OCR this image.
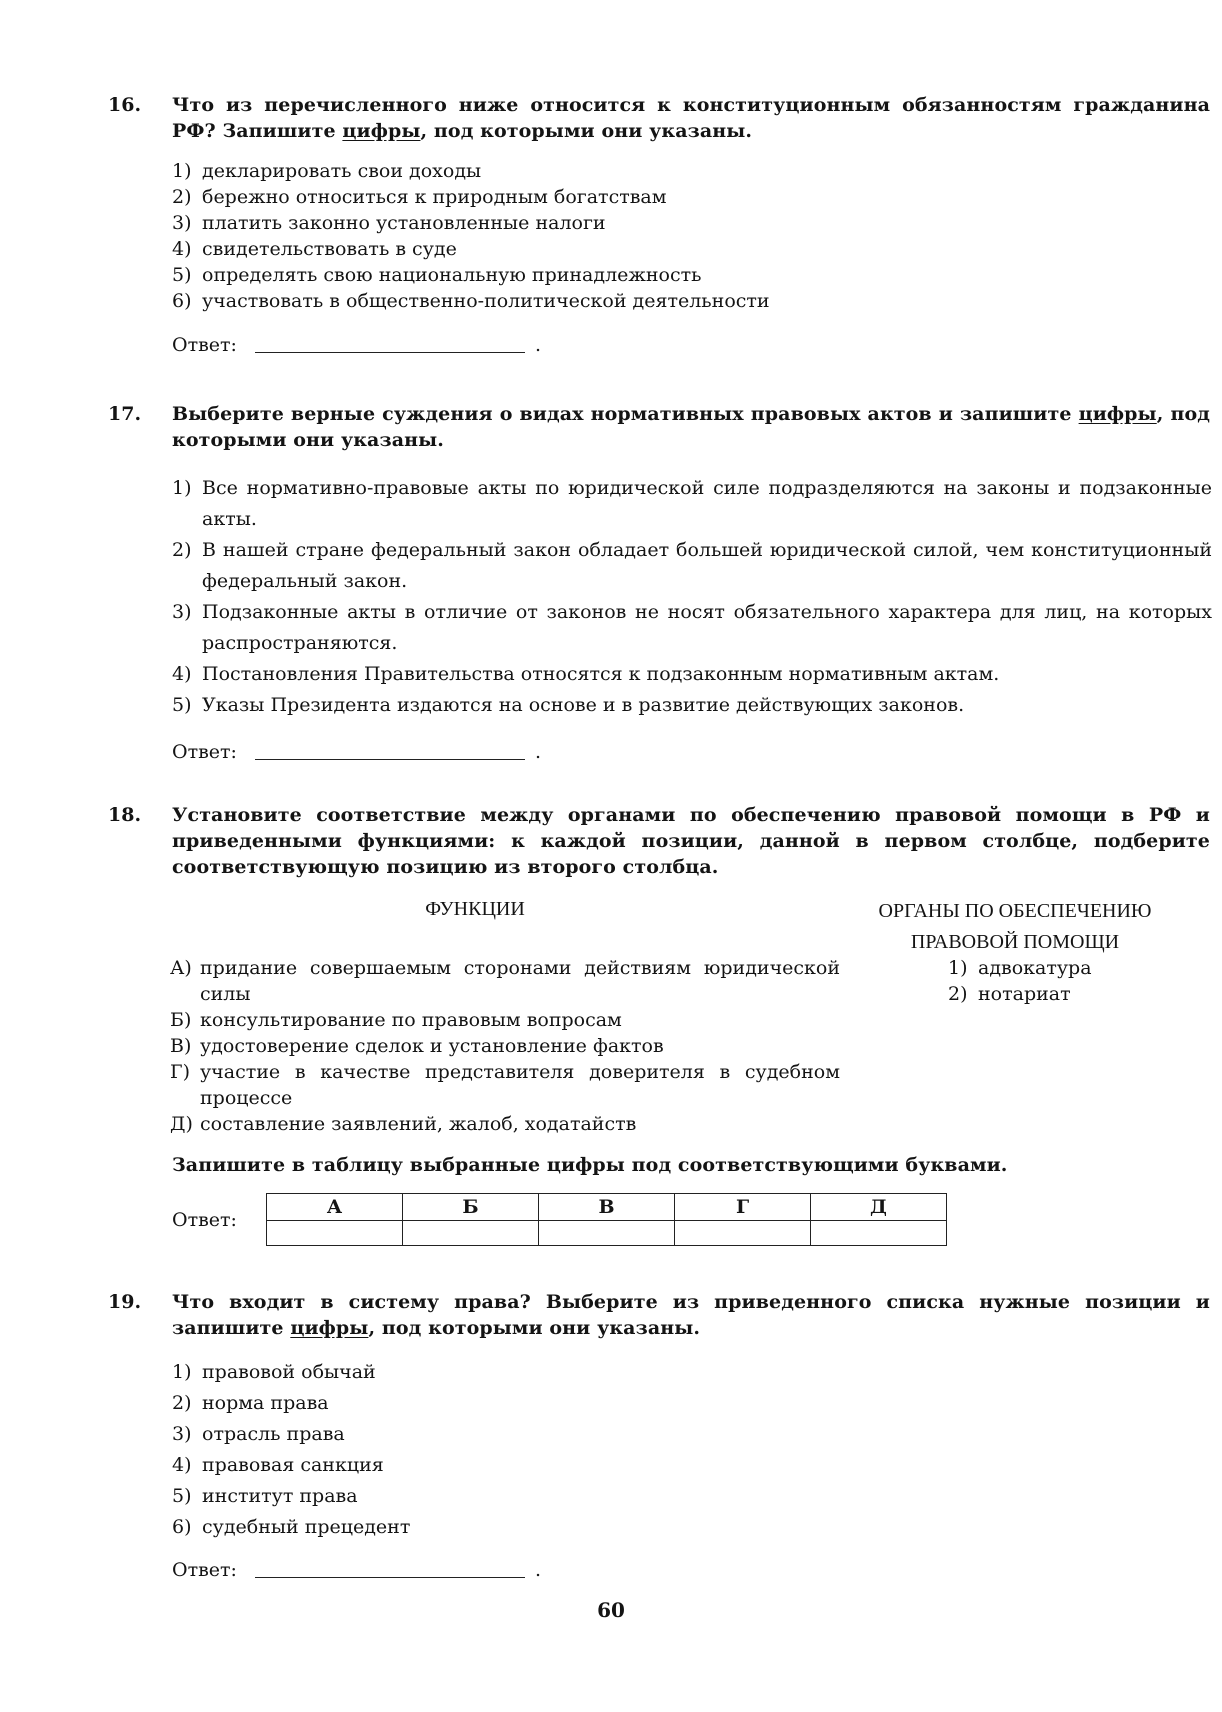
16. Что из перечисленного ниже относится к конституционным обязанностям гражданина РФ? Запишите цифры, под которыми они указаны.
1) декларировать свои доходы
2) бережно относиться к природным богатствам
3) платить законно установленные налоги
4) свидетельствовать в суде
5) определять свою национальную принадлежность
6) участвовать в общественно-политической деятельности
Ответ:	.
17. Выберите верные суждения о видах нормативных правовых актов и запишите цифры, под которыми они указаны.
1) Все нормативно-правовые акты по юридической силе подразделяются на законы и подзаконные акты.
2) В нашей стране федеральный закон обладает большей юридической силой, чем конституционный федеральный закон.
3) Подзаконные акты в отличие от законов не носят обязательного характера для лиц, на которых распространяются.
4) Постановления Правительства относятся к подзаконным нормативным актам.
5) Указы Президента издаются на основе и в развитие действующих законов.
Ответ:	.
18. Установите соответствие между органами по обеспечению правовой помощи в РФ и приведенными функциями: к каждой позиции, данной в первом столбце, подберите соответствующую позицию из второго столбца.
ФУНКЦИИ	ОРГАНЫ ПО ОБЕСПЕЧЕНИЮ
ПРАВОВОЙ ПОМОЩИ
А) придание совершаемым сторонами действиям юридической силы
Б) консультирование по правовым вопросам
В) удостоверение сделок и установление фактов
Г) участие в качестве представителя доверителя в судебном процессе
Д) составление заявлений, жалоб, ходатайств
1) адвокатура
2) нотариат
Запишите в таблицу выбранные цифры под соответствующими буквами.
Ответ:
А	Б	В	Г	Д

19. Что входит в систему права? Выберите из приведенного списка нужные позиции и запишите цифры, под которыми они указаны.
1) правовой обычай
2) норма права
3) отрасль права
4) правовая санкция
5) институт права
6) судебный прецедент
Ответ:	.
60
